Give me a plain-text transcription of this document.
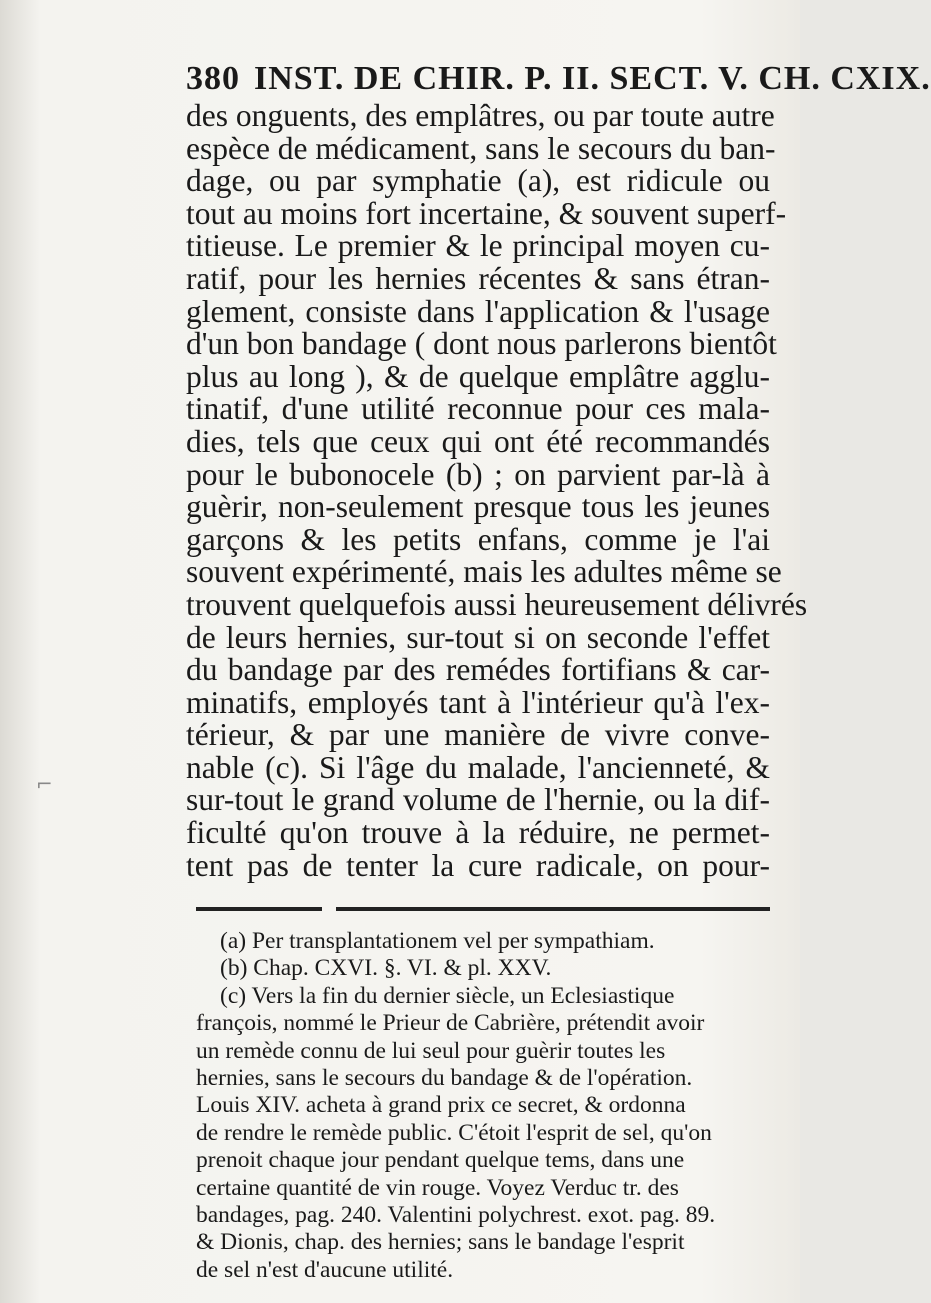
380 INST. DE CHIR. P. II. SECT. V. CH. CXIX.
des onguents, des emplâtres, ou par toute autre
espèce de médicament, sans le secours du ban-
dage, ou par symphatie (a), est ridicule ou
tout au moins fort incertaine, & souvent superf-
titieuse. Le premier & le principal moyen cu-
ratif, pour les hernies récentes & sans étran-
glement, consiste dans l'application & l'usage
d'un bon bandage ( dont nous parlerons bientôt
plus au long ), & de quelque emplâtre agglu-
tinatif, d'une utilité reconnue pour ces mala-
dies, tels que ceux qui ont été recommandés
pour le bubonocele (b) ; on parvient par-là à
guèrir, non-seulement presque tous les jeunes
garçons & les petits enfans, comme je l'ai
souvent expérimenté, mais les adultes même se
trouvent quelquefois aussi heureusement délivrés
de leurs hernies, sur-tout si on seconde l'effet
du bandage par des remédes fortifians & car-
minatifs, employés tant à l'intérieur qu'à l'ex-
térieur, & par une manière de vivre conve-
nable (c). Si l'âge du malade, l'ancienneté, &
sur-tout le grand volume de l'hernie, ou la dif-
ficulté qu'on trouve à la réduire, ne permet-
tent pas de tenter la cure radicale, on pour-
(a) Per transplantationem vel per sympathiam.
(b) Chap. CXVI. §. VI. & pl. XXV.
(c) Vers la fin du dernier siècle, un Eclesiastique
françois, nommé le Prieur de Cabrière, prétendit avoir
un remède connu de lui seul pour guèrir toutes les
hernies, sans le secours du bandage & de l'opération.
Louis XIV. acheta à grand prix ce secret, & ordonna
de rendre le remède public. C'étoit l'esprit de sel, qu'on
prenoit chaque jour pendant quelque tems, dans une
certaine quantité de vin rouge. Voyez Verduc tr. des
bandages, pag. 240. Valentini polychrest. exot. pag. 89.
& Dionis, chap. des hernies; sans le bandage l'esprit
de sel n'est d'aucune utilité.
⌐
